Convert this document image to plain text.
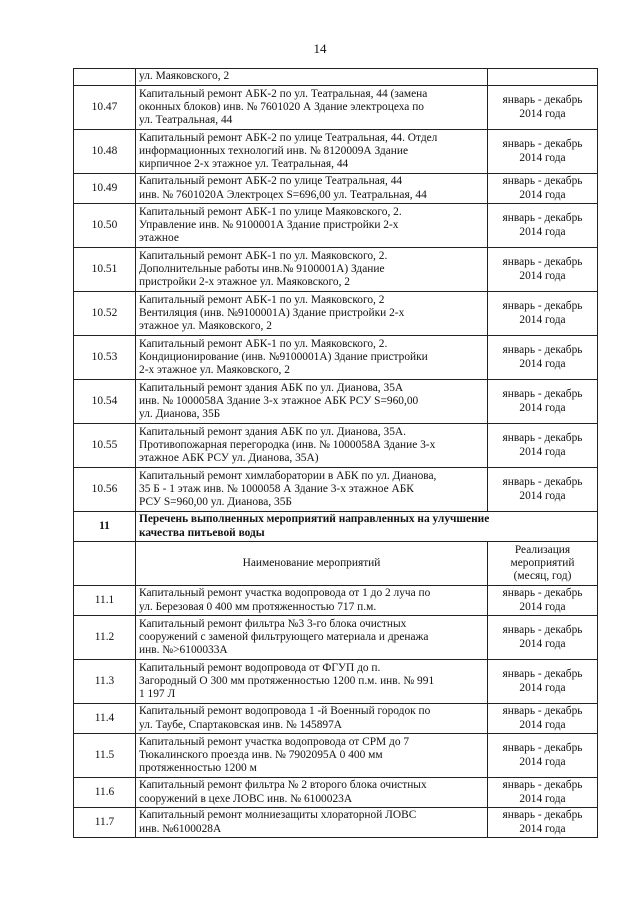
14
	ул. Маяковского, 2	
10.47	Капитальный ремонт АБК-2 по ул. Театральная, 44 (замена
оконных блоков) инв. № 7601020 А Здание электроцеха по
ул. Театральная, 44	январь - декабрь
2014 года
10.48	Капитальный ремонт АБК-2 по улице Театральная, 44. Отдел
информационных технологий инв. № 8120009А Здание
кирпичное 2-х этажное ул. Театральная, 44	январь - декабрь
2014 года
10.49	Капитальный ремонт АБК-2 по улице Театральная, 44
инв. № 7601020А Электроцех S=696,00 ул. Театральная, 44	январь - декабрь
2014 года
10.50	Капитальный ремонт АБК-1 по улице Маяковского, 2.
Управление инв. № 9100001А Здание пристройки 2-х
этажное	январь - декабрь
2014 года
10.51	Капитальный ремонт АБК-1 по ул. Маяковского, 2.
Дополнительные работы инв.№ 9100001А) Здание
пристройки 2-х этажное ул. Маяковского, 2	январь - декабрь
2014 года
10.52	Капитальный ремонт АБК-1 по ул. Маяковского, 2
Вентиляция (инв. №9100001А) Здание пристройки 2-х
этажное ул. Маяковского, 2	январь - декабрь
2014 года
10.53	Капитальный ремонт АБК-1 по ул. Маяковского, 2.
Кондиционирование (инв. №9100001А) Здание пристройки
2-х этажное ул. Маяковского, 2	январь - декабрь
2014 года
10.54	Капитальный ремонт здания АБК по ул. Дианова, 35А
инв. № 1000058А Здание 3-х этажное АБК РСУ S=960,00
ул. Дианова, 35Б	январь - декабрь
2014 года
10.55	Капитальный ремонт здания АБК по ул. Дианова, 35А.
Противопожарная перегородка (инв. № 1000058А Здание 3-х
этажное АБК РСУ ул. Дианова, 35А)	январь - декабрь
2014 года
10.56	Капитальный ремонт химлаборатории в АБК по ул. Дианова,
35 Б - 1 этаж инв. № 1000058 А Здание 3-х этажное АБК
РСУ S=960,00 ул. Дианова, 35Б	январь - декабрь
2014 года
11	Перечень выполненных мероприятий направленных на улучшение
качества питьевой воды	
	Наименование мероприятий	Реализация
мероприятий
(месяц, год)
11.1	Капитальный ремонт участка водопровода от 1 до 2 луча по
ул. Березовая 0 400 мм протяженностью 717 п.м.	январь - декабрь
2014 года
11.2	Капитальный ремонт фильтра №3 3-го блока очистных
сооружений с заменой фильтрующего материала и дренажа
инв. №>6100033А	январь - декабрь
2014 года
11.3	Капитальный ремонт водопровода от ФГУП до п.
Загородный О 300 мм протяженностью 1200 п.м. инв. № 991
1 197 Л	январь - декабрь
2014 года
11.4	Капитальный ремонт водопровода 1 -й Военный городок по
ул. Таубе, Спартаковская инв. № 145897А	январь - декабрь
2014 года
11.5	Капитальный ремонт участка водопровода от СРМ до 7
Тюкалинского проезда инв. № 7902095А 0 400 мм
протяженностью 1200 м	январь - декабрь
2014 года
11.6	Капитальный ремонт фильтра № 2 второго блока очистных
сооружений в цехе ЛОВС инв. № 6100023А	январь - декабрь
2014 года
11.7	Капитальный ремонт молниезащиты хлораторной ЛОВС
инв. №6100028А	январь - декабрь
2014 года
